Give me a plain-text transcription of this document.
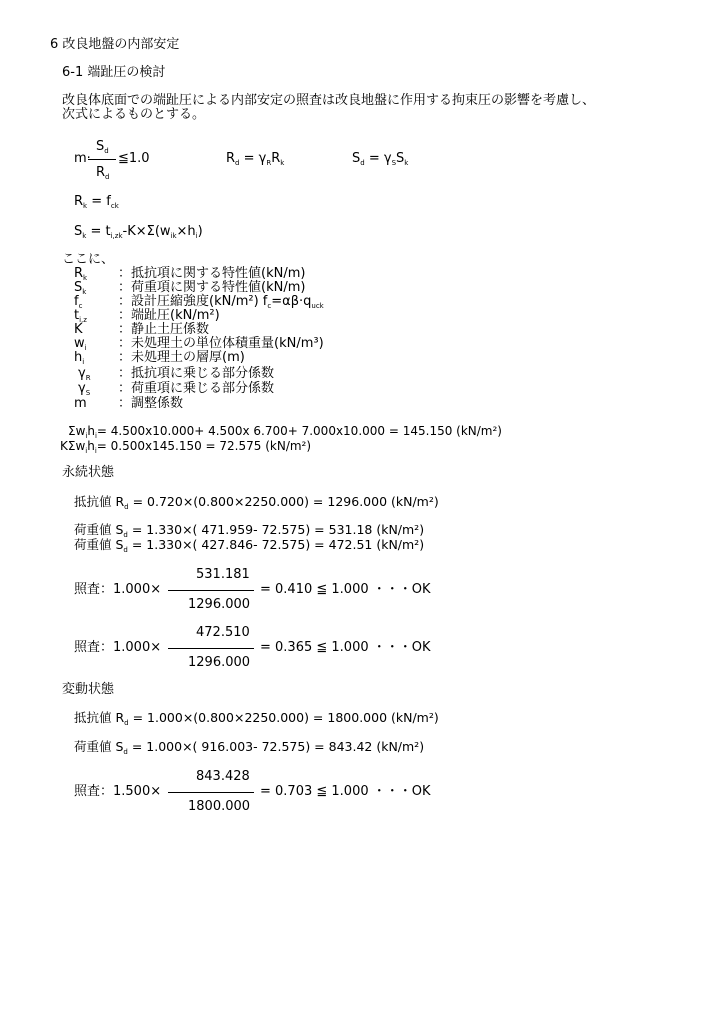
6 改良地盤の内部安定
6-1 端趾圧の検討
改良体底面での端趾圧による内部安定の照査は改良地盤に作用する拘束圧の影響を考慮し、
次式によるものとする。
$S_d$
m· ≦1.0
$R_d$
$R_d = \gamma_RR_k$	$S_d = \gamma_SS_k$
$R_k = f_{ck}$
$S_k = t_{i,zk}-K\times\Sigma(w_{ik}\times h_i)$
ここに、
$R_k$ ：抵抗項に関する特性値(kN/m)
$S_k$ ：荷重項に関する特性値(kN/m)
$f_c$	：設計圧縮強度(kN/m²) $f_c=\alpha\beta\cdot q_{uck}$
$t_{i,z}$ ：端趾圧(kN/m²)
K	：静止土圧係数
$w_i$ ：未処理土の単位体積重量(kN/m³)
$h_i$	：未処理土の層厚(m)
$\gamma_R$ ：抵抗項に乗じる部分係数
$\gamma_S$ ：荷重項に乗じる部分係数
m ：調整係数
$\Sigma w_ih_i= 4.500x10.000+ 4.500x$ 6.700+ 7.000x10.000 = 145.150 (kN/m²)
$K\Sigma w_ih_i= 0.500x145.150 = 72.575$ (kN/m²)
永続状態
抵抗値 $R_d = 0.720\times(0.800\times 2250.000) = 1296.000$ (kN/m²)
荷重値 $S_d = 1.330\times$( 471.959- 72.575) = 531.18 (kN/m²)
荷重値 $S_d = 1.330\times$( 427.846- 72.575) = 472.51 (kN/m²)
531.181
照査：1.000×	= 0.410 ≦ 1.000 ・・・OK
1296.000
472.510
照査：1.000×	= 0.365 ≦ 1.000 ・・・OK
1296.000
変動状態
抵抗値 $R_d = 1.000\times(0.800\times 2250.000) = 1800.000$ (kN/m²)
荷重値 $S_d = 1.000\times$( 916.003- 72.575) = 843.42 (kN/m²)
843.428
照査：1.500×	= 0.703 ≦ 1.000 ・・・OK
1800.000
